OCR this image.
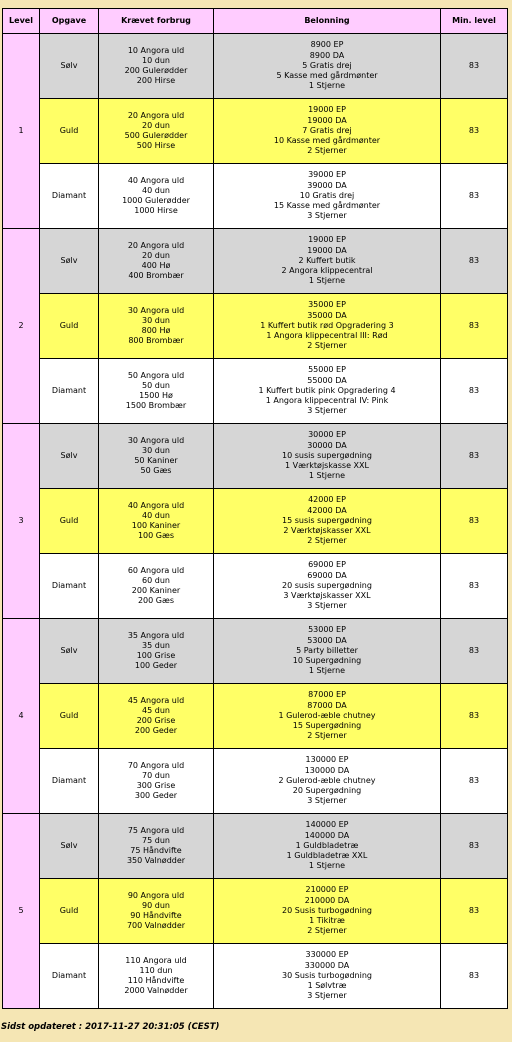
Level	Opgave	Krævet forbrug	Belonning	Min. level
1	Sølv	10 Angora uld
10 dun
200 Gulerødder
200 Hirse	8900 EP
8900 DA
5 Gratis drej
5 Kasse med gårdmønter
1 Stjerne	83
	Guld	20 Angora uld
20 dun
500 Gulerødder
500 Hirse	19000 EP
19000 DA
7 Gratis drej
10 Kasse med gårdmønter
2 Stjerner	83
	Diamant	40 Angora uld
40 dun
1000 Gulerødder
1000 Hirse	39000 EP
39000 DA
10 Gratis drej
15 Kasse med gårdmønter
3 Stjerner	83
2	Sølv	20 Angora uld
20 dun
400 Hø
400 Brombær	19000 EP
19000 DA
2 Kuffert butik
2 Angora klippecentral
1 Stjerne	83
	Guld	30 Angora uld
30 dun
800 Hø
800 Brombær	35000 EP
35000 DA
1 Kuffert butik rød Opgradering 3
1 Angora klippecentral III: Rød
2 Stjerner	83
	Diamant	50 Angora uld
50 dun
1500 Hø
1500 Brombær	55000 EP
55000 DA
1 Kuffert butik pink Opgradering 4
1 Angora klippecentral IV: Pink
3 Stjerner	83
3	Sølv	30 Angora uld
30 dun
50 Kaniner
50 Gæs	30000 EP
30000 DA
10 susis supergødning
1 Værktøjskasse XXL
1 Stjerne	83
	Guld	40 Angora uld
40 dun
100 Kaniner
100 Gæs	42000 EP
42000 DA
15 susis supergødning
2 Værktøjskasser XXL
2 Stjerner	83
	Diamant	60 Angora uld
60 dun
200 Kaniner
200 Gæs	69000 EP
69000 DA
20 susis supergødning
3 Værktøjskasser XXL
3 Stjerner	83
4	Sølv	35 Angora uld
35 dun
100 Grise
100 Geder	53000 EP
53000 DA
5 Party billetter
10 Supergødning
1 Stjerne	83
	Guld	45 Angora uld
45 dun
200 Grise
200 Geder	87000 EP
87000 DA
1 Gulerod-æble chutney
15 Supergødning
2 Stjerner	83
	Diamant	70 Angora uld
70 dun
300 Grise
300 Geder	130000 EP
130000 DA
2 Gulerod-æble chutney
20 Supergødning
3 Stjerner	83
5	Sølv	75 Angora uld
75 dun
75 Håndvifte
350 Valnødder	140000 EP
140000 DA
1 Guldbladetræ
1 Guldbladetræ XXL
1 Stjerne	83
	Guld	90 Angora uld
90 dun
90 Håndvifte
700 Valnødder	210000 EP
210000 DA
20 Susis turbogødning
1 Tikitræ
2 Stjerner	83
	Diamant	110 Angora uld
110 dun
110 Håndvifte
2000 Valnødder	330000 EP
330000 DA
30 Susis turbogødning
1 Sølvtræ
3 Stjerner	83
Sidst opdateret : 2017-11-27 20:31:05 (CEST)
